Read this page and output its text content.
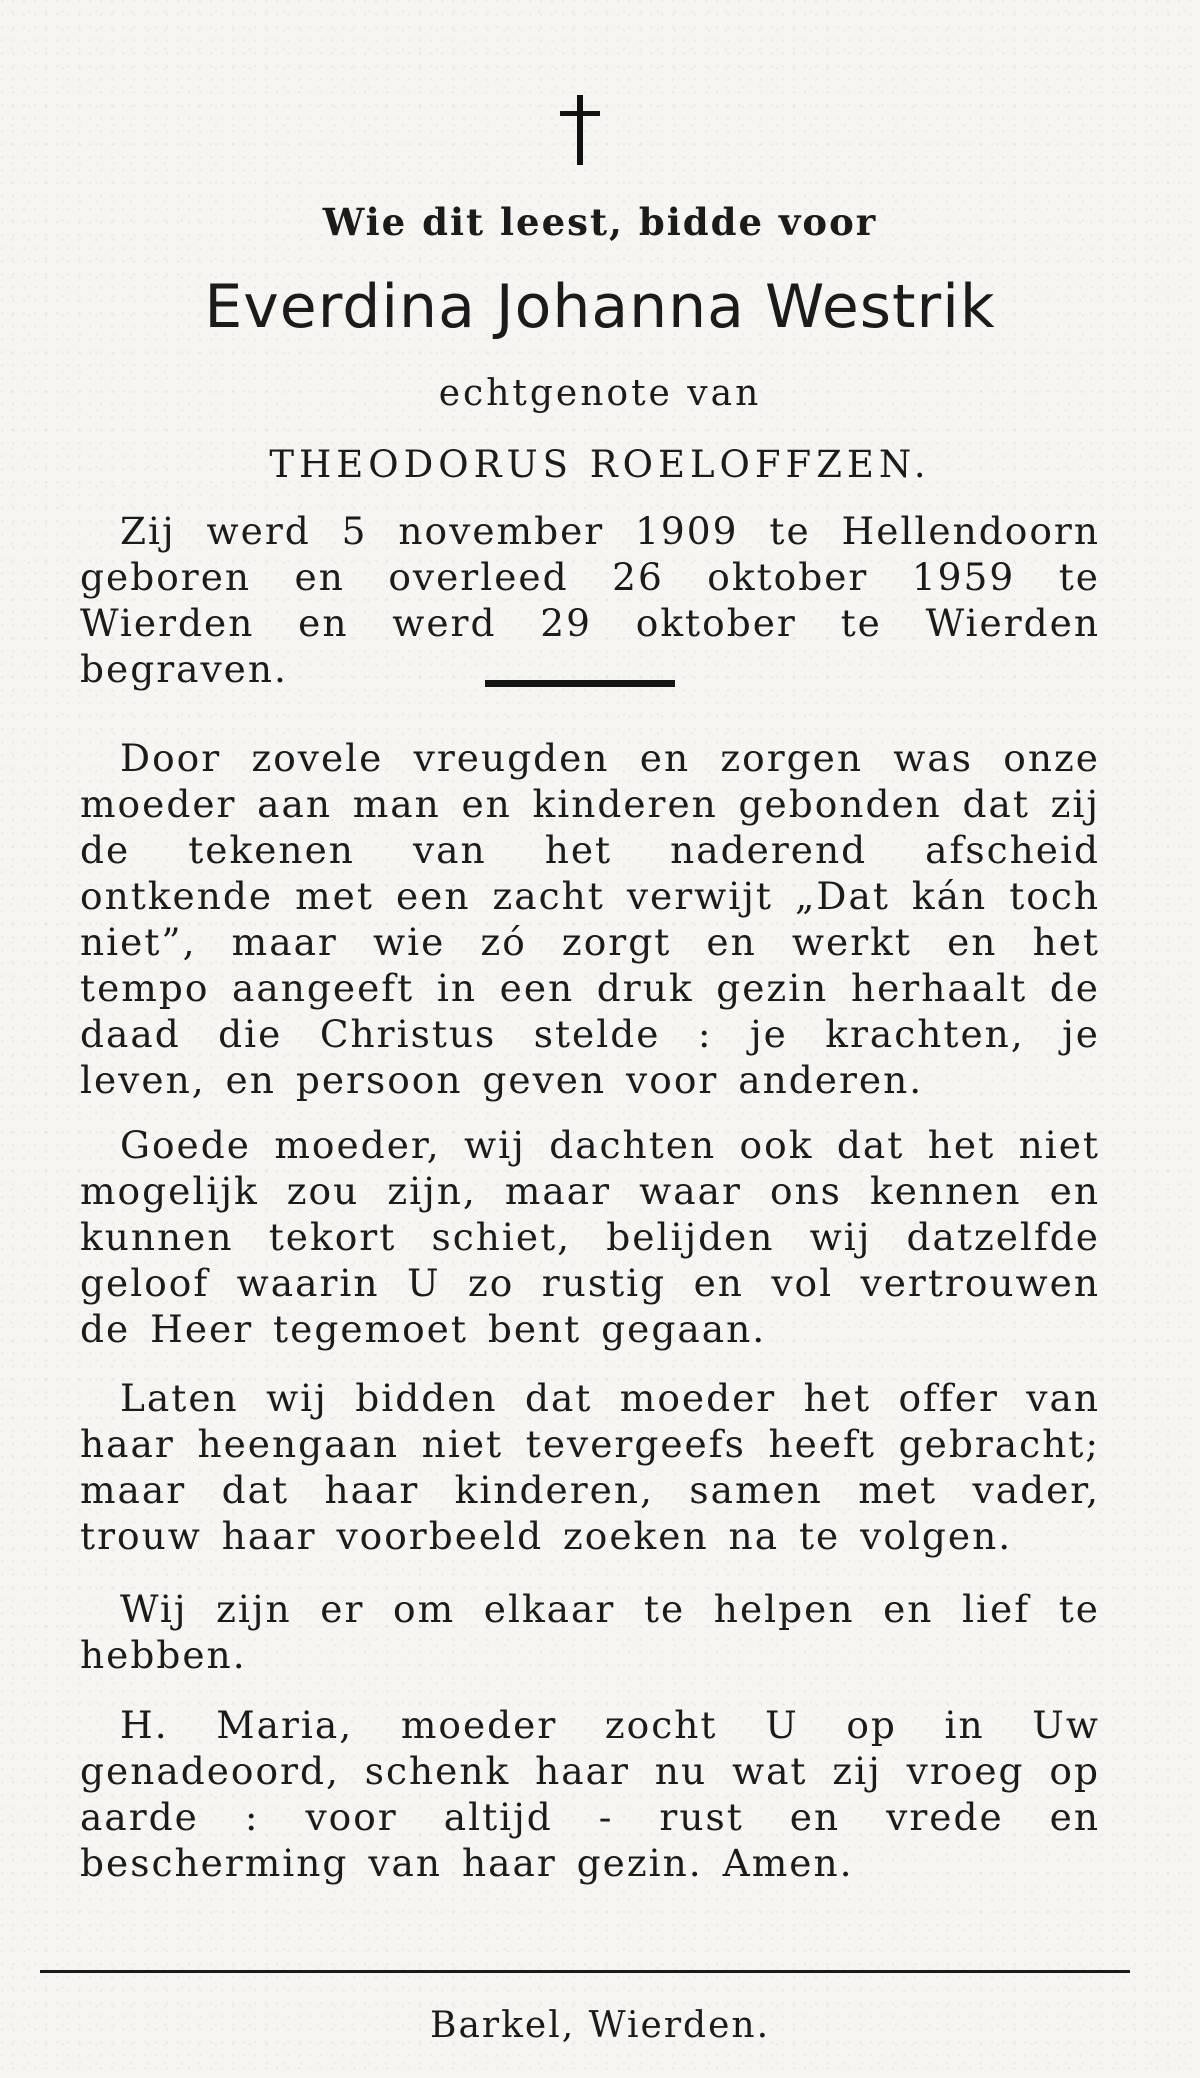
Wie dit leest, bidde voor
Everdina Johanna Westrik
echtgenote van
THEODORUS ROELOFFZEN.

Zij werd 5 november 1909 te Hellendoorn geboren en overleed 26 oktober 1959 te Wierden en werd 29 oktober te Wierden begraven.

Door zovele vreugden en zorgen was onze moeder aan man en kinderen gebonden dat zij de tekenen van het naderend afscheid ontkende met een zacht verwijt „Dat kán toch niet”, maar wie zó zorgt en werkt en het tempo aangeeft in een druk gezin herhaalt de daad die Christus stelde : je krachten, je leven, en persoon geven voor anderen.

Goede moeder, wij dachten ook dat het niet mogelijk zou zijn, maar waar ons kennen en kunnen tekort schiet, belijden wij datzelfde geloof waarin U zo rustig en vol vertrouwen de Heer tegemoet bent gegaan.

Laten wij bidden dat moeder het offer van haar heengaan niet tevergeefs heeft gebracht; maar dat haar kinderen, samen met vader, trouw haar voorbeeld zoeken na te volgen.

Wij zijn er om elkaar te helpen en lief te hebben.

H. Maria, moeder zocht U op in Uw genadeoord, schenk haar nu wat zij vroeg op aarde : voor altijd - rust en vrede en bescherming van haar gezin. Amen.

Barkel, Wierden.
